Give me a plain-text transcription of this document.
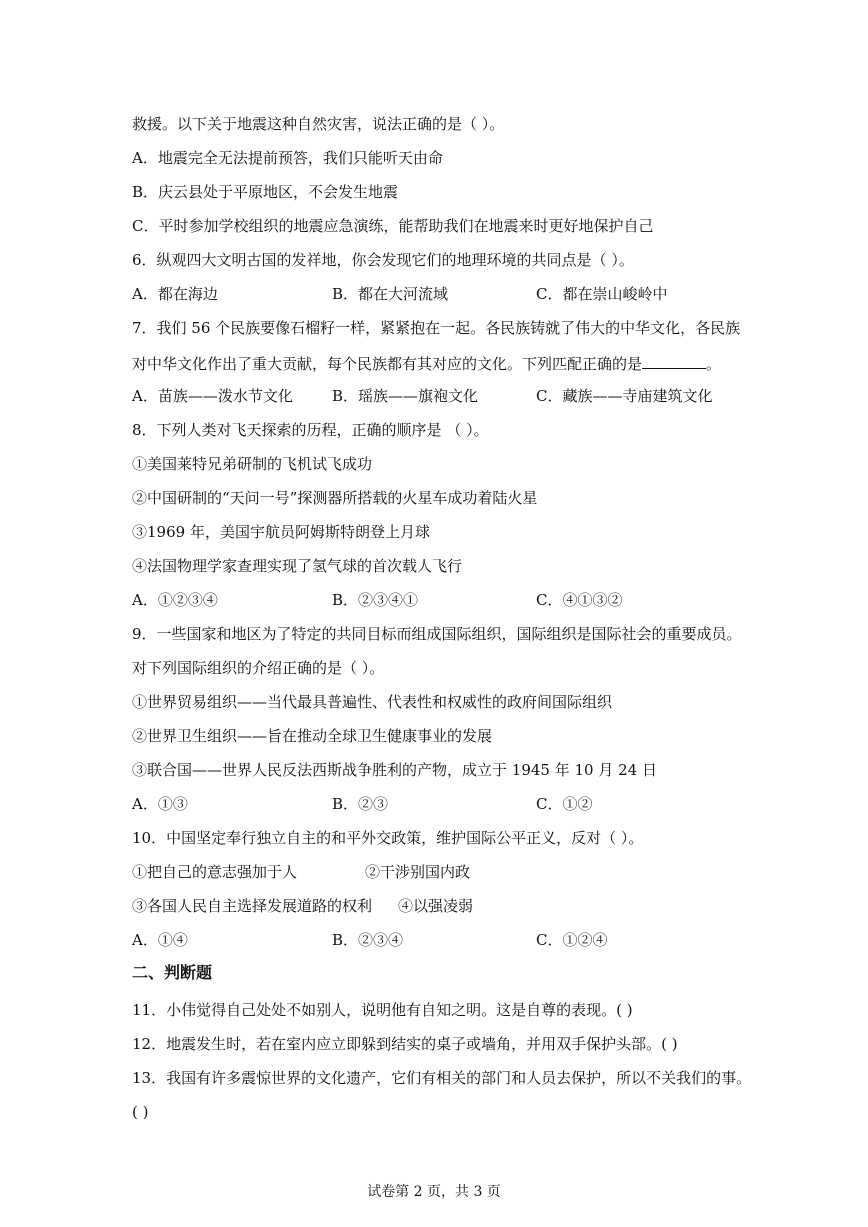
救援。以下关于地震这种自然灾害，说法正确的是（ ）。
A．地震完全无法提前预答，我们只能听天由命
B．庆云县处于平原地区，不会发生地震
C．平时参加学校组织的地震应急演练，能帮助我们在地震来时更好地保护自己
6．纵观四大文明古国的发祥地，你会发现它们的地理环境的共同点是（ ）。
A．都在海边	B．都在大河流域	C．都在崇山峻岭中
7．我们 56 个民族要像石榴籽一样，紧紧抱在一起。各民族铸就了伟大的中华文化，各民族
对中华文化作出了重大贡献，每个民族都有其对应的文化。下列匹配正确的是	。
A．苗族——泼水节文化	B．瑶族——旗袍文化	C．藏族——寺庙建筑文化
8．下列人类对飞天探索的历程，正确的顺序是 （ ）。
①美国莱特兄弟研制的飞机试飞成功
②中国研制的“天问一号”探测器所搭载的火星车成功着陆火星
③1969 年，美国宇航员阿姆斯特朗登上月球
④法国物理学家查理实现了氢气球的首次载人飞行
A．①②③④	B．②③④①	C．④①③②
9．一些国家和地区为了特定的共同目标而组成国际组织，国际组织是国际社会的重要成员。
对下列国际组织的介绍正确的是（ ）。
①世界贸易组织——当代最具普遍性、代表性和权威性的政府间国际组织
②世界卫生组织——旨在推动全球卫生健康事业的发展
③联合国——世界人民反法西斯战争胜利的产物，成立于 1945 年 10 月 24 日
A．①③	B．②③	C．①②
10．中国坚定奉行独立自主的和平外交政策，维护国际公平正义，反对（ ）。
①把自己的意志强加于人	②干涉别国内政
③各国人民自主选择发展道路的权利 ④以强凌弱
A．①④	B．②③④	C．①②④
二、判断题
11．小伟觉得自己处处不如别人，说明他有自知之明。这是自尊的表现。( )
12．地震发生时，若在室内应立即躲到结实的桌子或墙角，并用双手保护头部。( )
13．我国有许多震惊世界的文化遗产，它们有相关的部门和人员去保护，所以不关我们的事。
( )
试卷第 2 页，共 3 页
